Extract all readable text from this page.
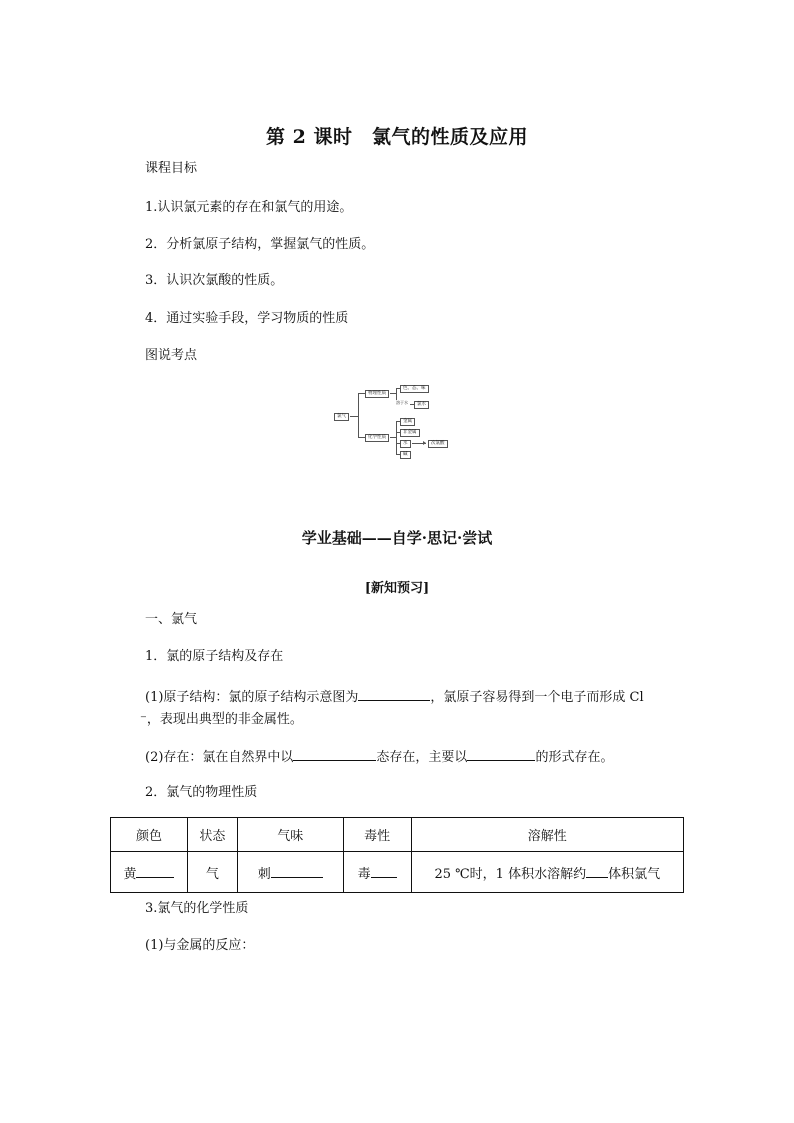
第 2 课时　氯气的性质及应用
课程目标
1.认识氯元素的存在和氯气的用途。
2．分析氯原子结构，掌握氯气的性质。
3．认识次氯酸的性质。
4．通过实验手段，学习物质的性质
图说考点
氯气
物理性质
化学性质
色、态、味
溶于水	氯水
金属
非金属
水
碱
次氯酸
学业基础——自学·思记·尝试
[新知预习]
一、氯气
1．氯的原子结构及存在
(1)原子结构：氯的原子结构示意图为	，氯原子容易得到一个电子而形成 Cl
⁻，表现出典型的非金属性。
(2)存在：氯在自然界中以	态存在，主要以	的形式存在。
2．氯气的物理性质
颜色	状态	气味	毒性	溶解性
黄	气	刺	毒	25 ℃时，1 体积水溶解约 体积氯气
3.氯气的化学性质
(1)与金属的反应：
